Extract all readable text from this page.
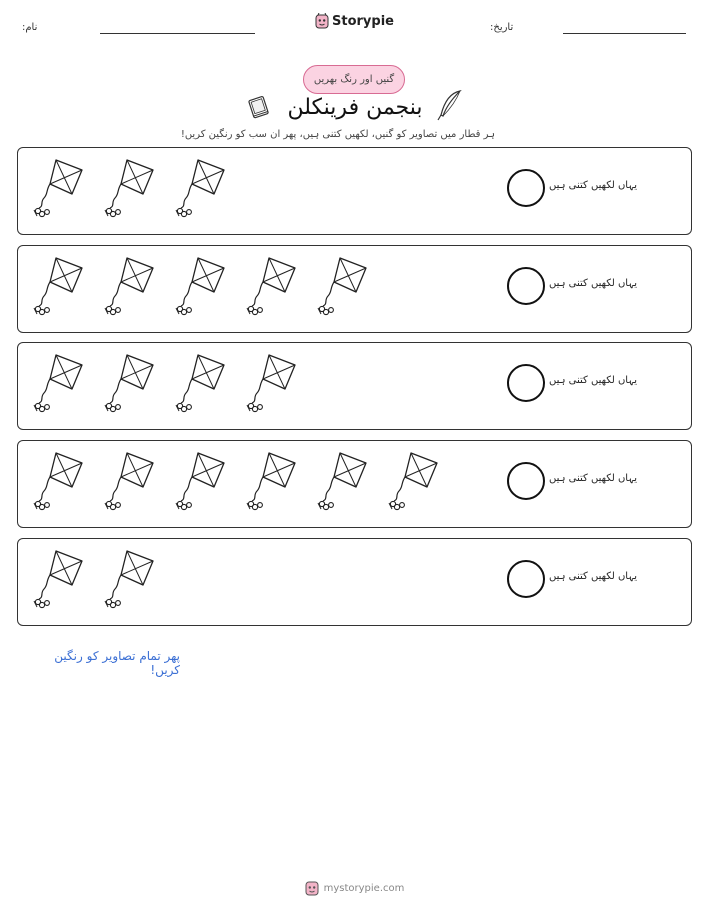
نام:	Storypie	تاریخ:
گنیں اور رنگ بھریں
بنجمن فرینکلن
ہر قطار میں تصاویر کو گنیں، لکھیں کتنی ہیں، پھر ان سب کو رنگین کریں!
یہاں لکھیں کتنی ہیں
یہاں لکھیں کتنی ہیں
یہاں لکھیں کتنی ہیں
یہاں لکھیں کتنی ہیں
یہاں لکھیں کتنی ہیں
پھر تمام تصاویر کو رنگین کریں!
mystorypie.com
